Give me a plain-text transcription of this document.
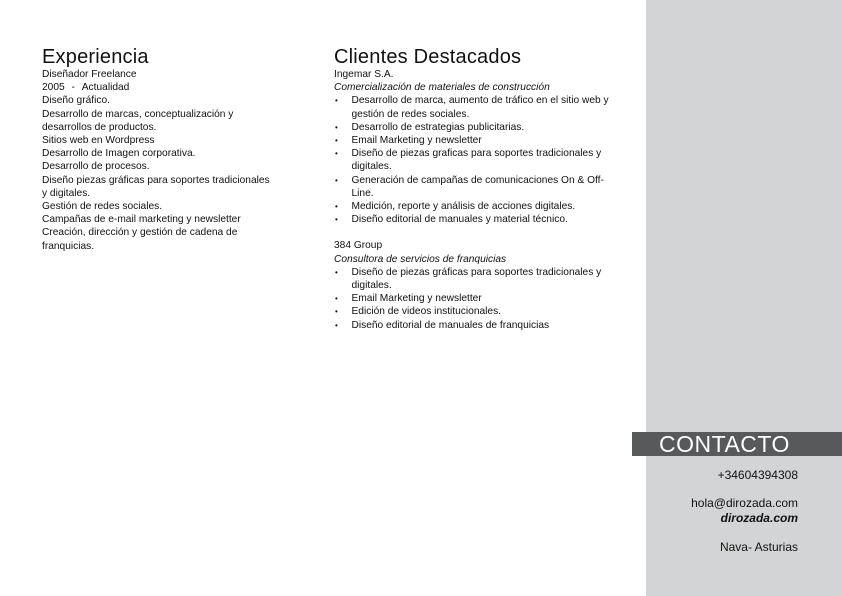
Experiencia

Diseñador Freelance

2005 - Actualidad

Diseño gráfico.

Desarrollo de marcas, conceptualización y

desarrollos de productos.

Sitios web en Wordpress

Desarrollo de Imagen corporativa.

Desarrollo de procesos.

Diseño piezas gráficas para soportes tradicionales

y digitales.

Gestión de redes sociales.

Campañas de e-mail marketing y newsletter

Creación, dirección y gestión de cadena de

franquicias.

Clientes Destacados

Ingemar S.A.

Comercialización de materiales de construcción

• Desarrollo de marca, aumento de tráfico en el sitio web y gestión de redes sociales.
• Desarrollo de estrategias publicitarias.
• Email Marketing y newsletter
• Diseño de piezas graficas para soportes tradicionales y digitales.
• Generación de campañas de comunicaciones On & Off-Line.
• Medición, reporte y análisis de acciones digitales.
• Diseño editorial de manuales y material técnico.

384 Group

Consultora de servicios de franquicias

• Diseño de piezas gráficas para soportes tradicionales y digitales.
• Email Marketing y newsletter
• Edición de videos institucionales.
• Diseño editorial de manuales de franquicias
CONTACTO
+34604394308
hola@dirozada.com
dirozada.com
Nava- Asturias
